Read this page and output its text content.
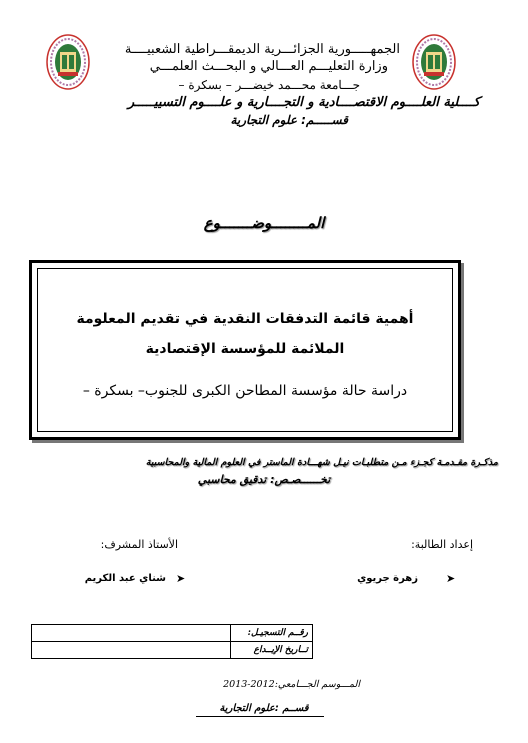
الجمهـــــورية الجزائـــرية الديمقـــراطية الشعبيــــة
وزارة التعليـــم العـــالي و البحـــث العلمـــي
جـــامعة محـــمد خيضـــر – بسكرة –
كــــلية العلــــوم الاقتصــــادية و التجــــارية و علــــوم التسييـــــر
قســـــم: علوم التجارية
المــــــــوضـــــــوع
أهمية قائمة التدفقات النقدية في تقديم المعلومة
الملائمة للمؤسسة الإقتصادية
دراسة حالة مؤسسة المطاحن الكبرى للجنوب– بسكرة –
مذكـرة مقـدمـة كجـزء مـن متطلبـات نيـل شهـــادة الماستر في العلوم المالية والمحاسبية
تخــــــصـص: تدقيق محاسبي
إعداد الطالبة:
الأستاذ المشرف:
➤
زهرة جريوي
➤
شناي عبد الكريم
	رقــم التسجيـل:
	تــاريخ الإيــداع
المـــوسم الجـــامعي:2012-2013
قســم :علوم التجارية
